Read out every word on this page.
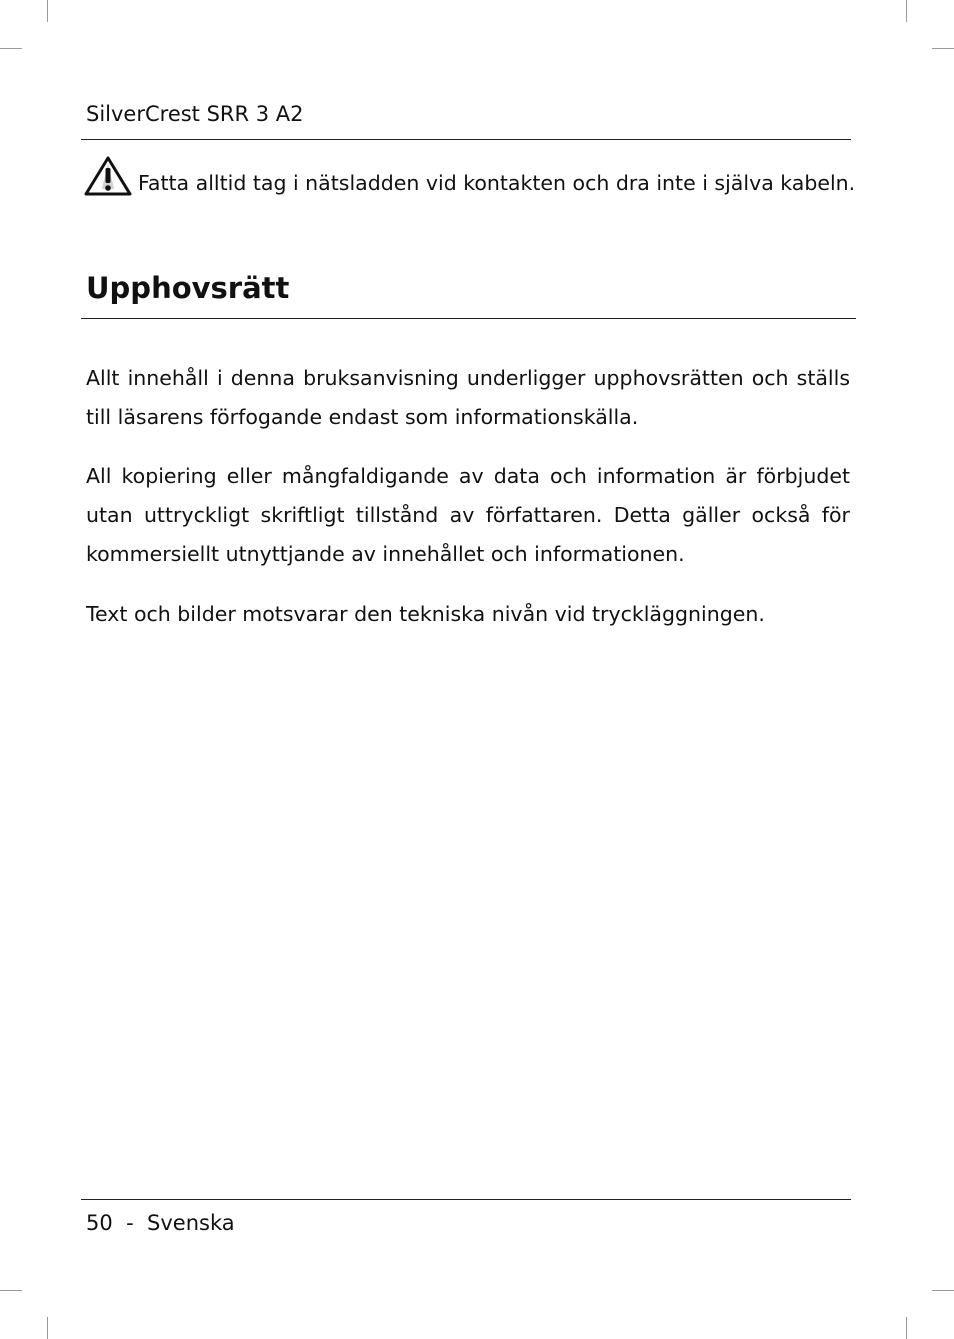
SilverCrest SRR 3 A2
Fatta alltid tag i nätsladden vid kontakten och dra inte i själva kabeln.
Upphovsrätt

Allt innehåll i denna bruksanvisning underligger upphovsrätten och ställs till läsarens förfogande endast som informationskälla.

All kopiering eller mångfaldigande av data och information är förbjudet utan uttryckligt skriftligt tillstånd av författaren. Detta gäller också för kommersiellt utnyttjande av innehållet och informationen.

Text och bilder motsvarar den tekniska nivån vid tryckläggningen.

50 - Svenska
